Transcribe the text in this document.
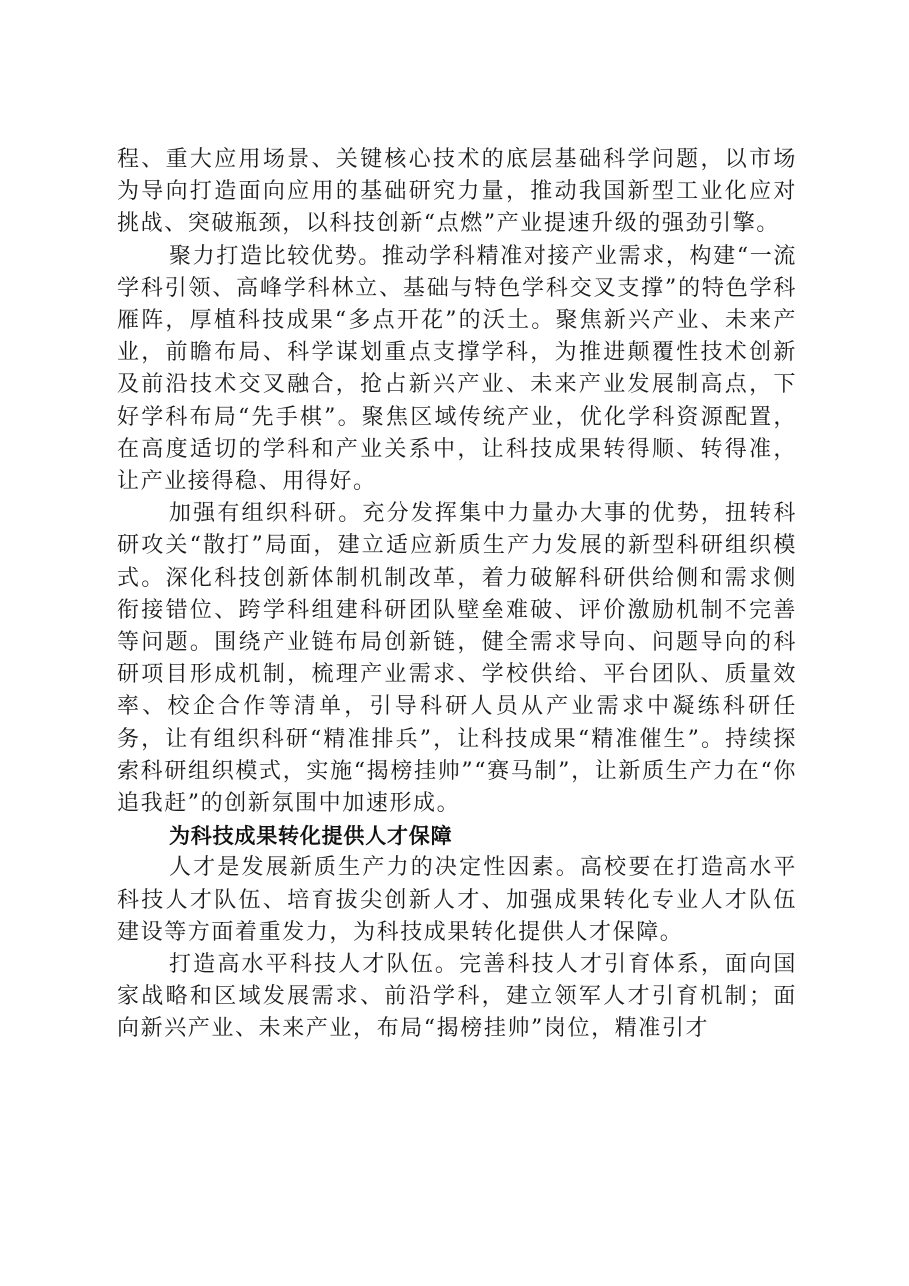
程、重大应用场景、关键核心技术的底层基础科学问题，以市场为导向打造面向应用的基础研究力量，推动我国新型工业化应对挑战、突破瓶颈，以科技创新“点燃”产业提速升级的强劲引擎。

聚力打造比较优势。推动学科精准对接产业需求，构建“一流学科引领、高峰学科林立、基础与特色学科交叉支撑”的特色学科雁阵，厚植科技成果“多点开花”的沃土。聚焦新兴产业、未来产业，前瞻布局、科学谋划重点支撑学科，为推进颠覆性技术创新及前沿技术交叉融合，抢占新兴产业、未来产业发展制高点，下好学科布局“先手棋”。聚焦区域传统产业，优化学科资源配置，在高度适切的学科和产业关系中，让科技成果转得顺、转得准，让产业接得稳、用得好。

加强有组织科研。充分发挥集中力量办大事的优势，扭转科研攻关“散打”局面，建立适应新质生产力发展的新型科研组织模式。深化科技创新体制机制改革，着力破解科研供给侧和需求侧衔接错位、跨学科组建科研团队壁垒难破、评价激励机制不完善等问题。围绕产业链布局创新链，健全需求导向、问题导向的科研项目形成机制，梳理产业需求、学校供给、平台团队、质量效率、校企合作等清单，引导科研人员从产业需求中凝练科研任务，让有组织科研“精准排兵”，让科技成果“精准催生”。持续探索科研组织模式，实施“揭榜挂帅”“赛马制”，让新质生产力在“你追我赶”的创新氛围中加速形成。

为科技成果转化提供人才保障

人才是发展新质生产力的决定性因素。高校要在打造高水平科技人才队伍、培育拔尖创新人才、加强成果转化专业人才队伍建设等方面着重发力，为科技成果转化提供人才保障。

打造高水平科技人才队伍。完善科技人才引育体系，面向国家战略和区域发展需求、前沿学科，建立领军人才引育机制；面向新兴产业、未来产业，布局“揭榜挂帅”岗位，精准引才
